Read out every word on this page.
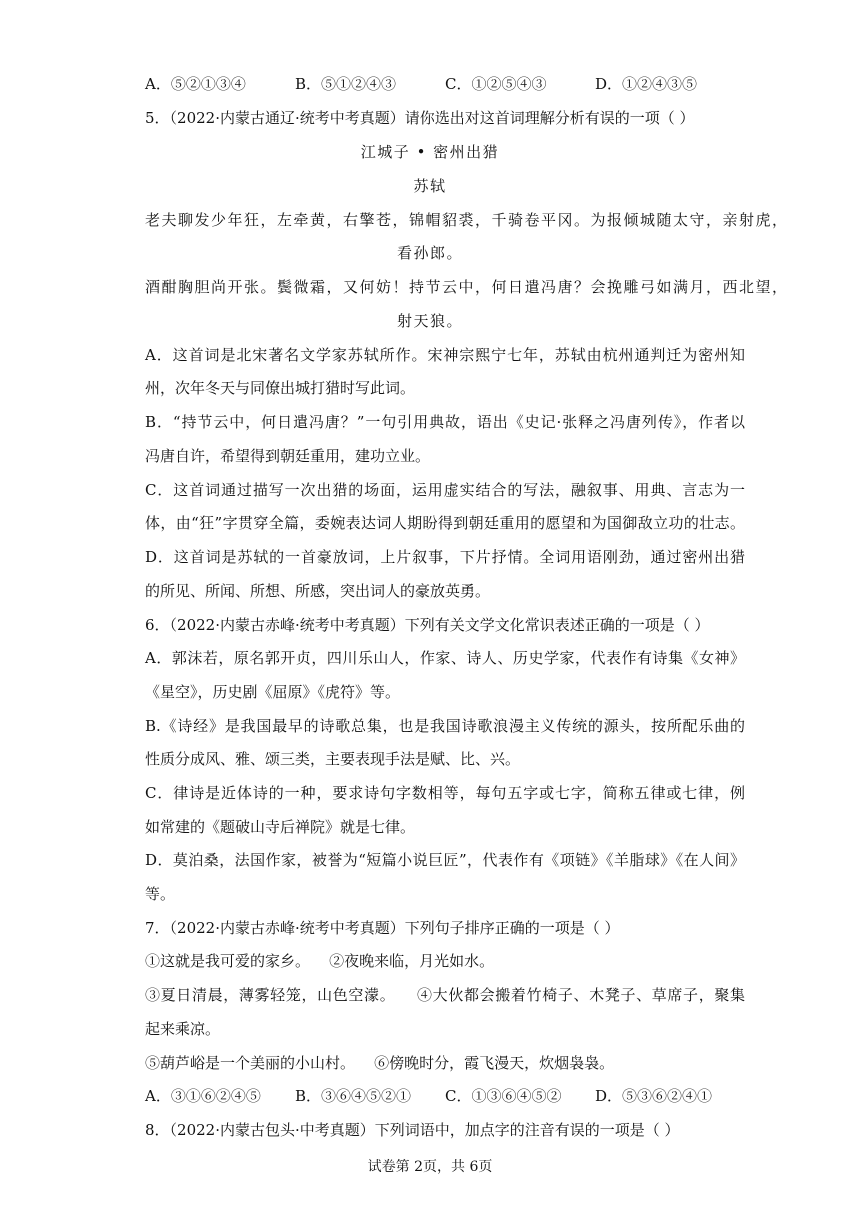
A．⑤②①③④	B．⑤①②④③	C．①②⑤④③	D．①②④③⑤
5．（2022·内蒙古通辽·统考中考真题）请你选出对这首词理解分析有误的一项（ ）
江城子 • 密州出猎
苏轼
老夫聊发少年狂，左牵黄，右擎苍，锦帽貂裘，千骑卷平冈。为报倾城随太守，亲射虎，
看孙郎。
酒酣胸胆尚开张。鬓微霜，又何妨！持节云中，何日遣冯唐？会挽雕弓如满月，西北望，
射天狼。
A．这首词是北宋著名文学家苏轼所作。宋神宗熙宁七年，苏轼由杭州通判迁为密州知
州，次年冬天与同僚出城打猎时写此词。
B．“持节云中，何日遣冯唐？”一句引用典故，语出《史记·张释之冯唐列传》，作者以
冯唐自许，希望得到朝廷重用，建功立业。
C．这首词通过描写一次出猎的场面，运用虚实结合的写法，融叙事、用典、言志为一
体，由“狂”字贯穿全篇，委婉表达词人期盼得到朝廷重用的愿望和为国御敌立功的壮志。
D．这首词是苏轼的一首豪放词，上片叙事，下片抒情。全词用语刚劲，通过密州出猎
的所见、所闻、所想、所感，突出词人的豪放英勇。
6．（2022·内蒙古赤峰·统考中考真题）下列有关文学文化常识表述正确的一项是（ ）
A．郭沫若，原名郭开贞，四川乐山人，作家、诗人、历史学家，代表作有诗集《女神》
《星空》，历史剧《屈原》《虎符》等。
B.《诗经》是我国最早的诗歌总集，也是我国诗歌浪漫主义传统的源头，按所配乐曲的
性质分成风、雅、颂三类，主要表现手法是赋、比、兴。
C．律诗是近体诗的一种，要求诗句字数相等，每句五字或七字，简称五律或七律，例
如常建的《题破山寺后禅院》就是七律。
D．莫泊桑，法国作家，被誉为“短篇小说巨匠”，代表作有《项链》《羊脂球》《在人间》
等。
7．（2022·内蒙古赤峰·统考中考真题）下列句子排序正确的一项是（ ）
①这就是我可爱的家乡。    ②夜晚来临，月光如水。
③夏日清晨，薄雾轻笼，山色空濛。    ④大伙都会搬着竹椅子、木凳子、草席子，聚集
起来乘凉。
⑤葫芦峪是一个美丽的小山村。    ⑥傍晚时分，霞飞漫天，炊烟袅袅。
A．③①⑥②④⑤	B．③⑥④⑤②①	C．①③⑥④⑤②	D．⑤③⑥②④①
8．（2022·内蒙古包头·中考真题）下列词语中，加点字的注音有误的一项是（ ）
试卷第 2页，共 6页
